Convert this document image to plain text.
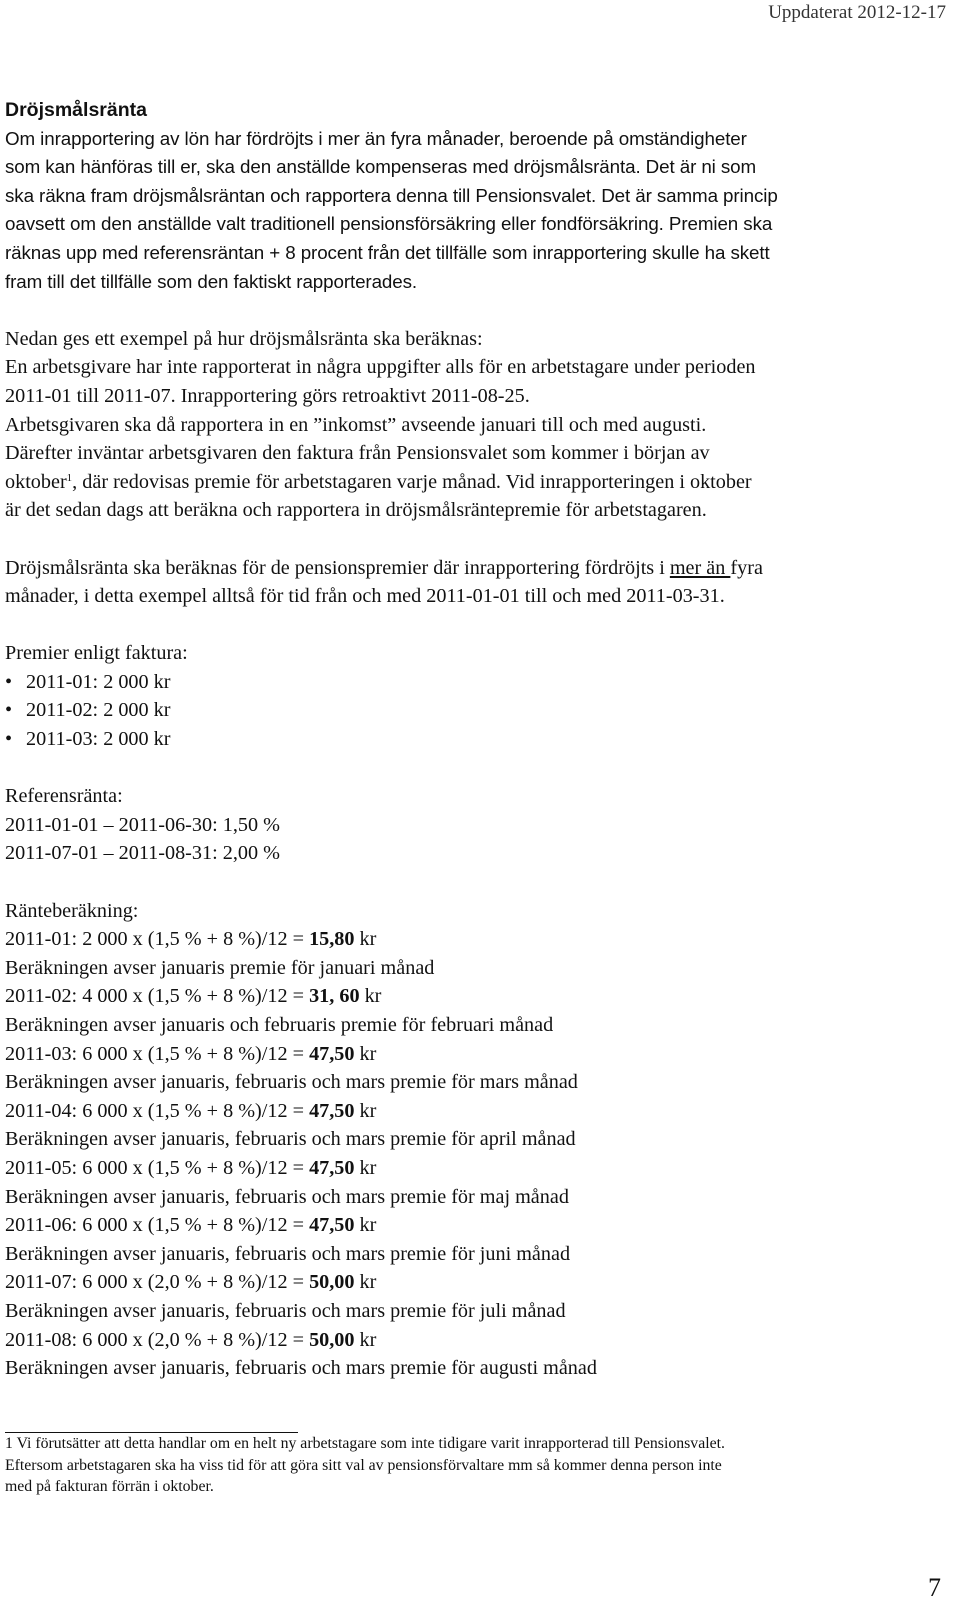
Uppdaterat 2012-12-17

Dröjsmålsränta

Om inrapportering av lön har fördröjts i mer än fyra månader, beroende på omständigheter

som kan hänföras till er, ska den anställde kompenseras med dröjsmålsränta. Det är ni som

ska räkna fram dröjsmålsräntan och rapportera denna till Pensionsvalet. Det är samma princip

oavsett om den anställde valt traditionell pensionsförsäkring eller fondförsäkring. Premien ska

räknas upp med referensräntan + 8 procent från det tillfälle som inrapportering skulle ha skett

fram till det tillfälle som den faktiskt rapporterades.

Nedan ges ett exempel på hur dröjsmålsränta ska beräknas:

En arbetsgivare har inte rapporterat in några uppgifter alls för en arbetstagare under perioden

2011-01 till 2011-07. Inrapportering görs retroaktivt 2011-08-25.

Arbetsgivaren ska då rapportera in en ”inkomst” avseende januari till och med augusti.

Därefter inväntar arbetsgivaren den faktura från Pensionsvalet som kommer i början av

oktober$^1$, där redovisas premie för arbetstagaren varje månad. Vid inrapporteringen i oktober

är det sedan dags att beräkna och rapportera in dröjsmålsräntepremie för arbetstagaren.

Dröjsmålsränta ska beräknas för de pensionspremier där inrapportering fördröjts i mer än fyra

månader, i detta exempel alltså för tid från och med 2011-01-01 till och med 2011-03-31.

Premier enligt faktura:

• 2011-01: 2 000 kr
• 2011-02: 2 000 kr
• 2011-03: 2 000 kr

Referensränta:

2011-01-01 – 2011-06-30: 1,50 %

2011-07-01 – 2011-08-31: 2,00 %

Ränteberäkning:

2011-01: 2 000 x (1,5 % + 8 %)/12 = 15,80 kr

Beräkningen avser januaris premie för januari månad

2011-02: 4 000 x (1,5 % + 8 %)/12 = 31, 60 kr

Beräkningen avser januaris och februaris premie för februari månad

2011-03: 6 000 x (1,5 % + 8 %)/12 = 47,50 kr

Beräkningen avser januaris, februaris och mars premie för mars månad

2011-04: 6 000 x (1,5 % + 8 %)/12 = 47,50 kr

Beräkningen avser januaris, februaris och mars premie för april månad

2011-05: 6 000 x (1,5 % + 8 %)/12 = 47,50 kr

Beräkningen avser januaris, februaris och mars premie för maj månad

2011-06: 6 000 x (1,5 % + 8 %)/12 = 47,50 kr

Beräkningen avser januaris, februaris och mars premie för juni månad

2011-07: 6 000 x (2,0 % + 8 %)/12 = 50,00 kr

Beräkningen avser januaris, februaris och mars premie för juli månad

2011-08: 6 000 x (2,0 % + 8 %)/12 = 50,00 kr

Beräkningen avser januaris, februaris och mars premie för augusti månad

1 Vi förutsätter att detta handlar om en helt ny arbetstagare som inte tidigare varit inrapporterad till Pensionsvalet.

Eftersom arbetstagaren ska ha viss tid för att göra sitt val av pensionsförvaltare mm så kommer denna person inte

med på fakturan förrän i oktober.

7
